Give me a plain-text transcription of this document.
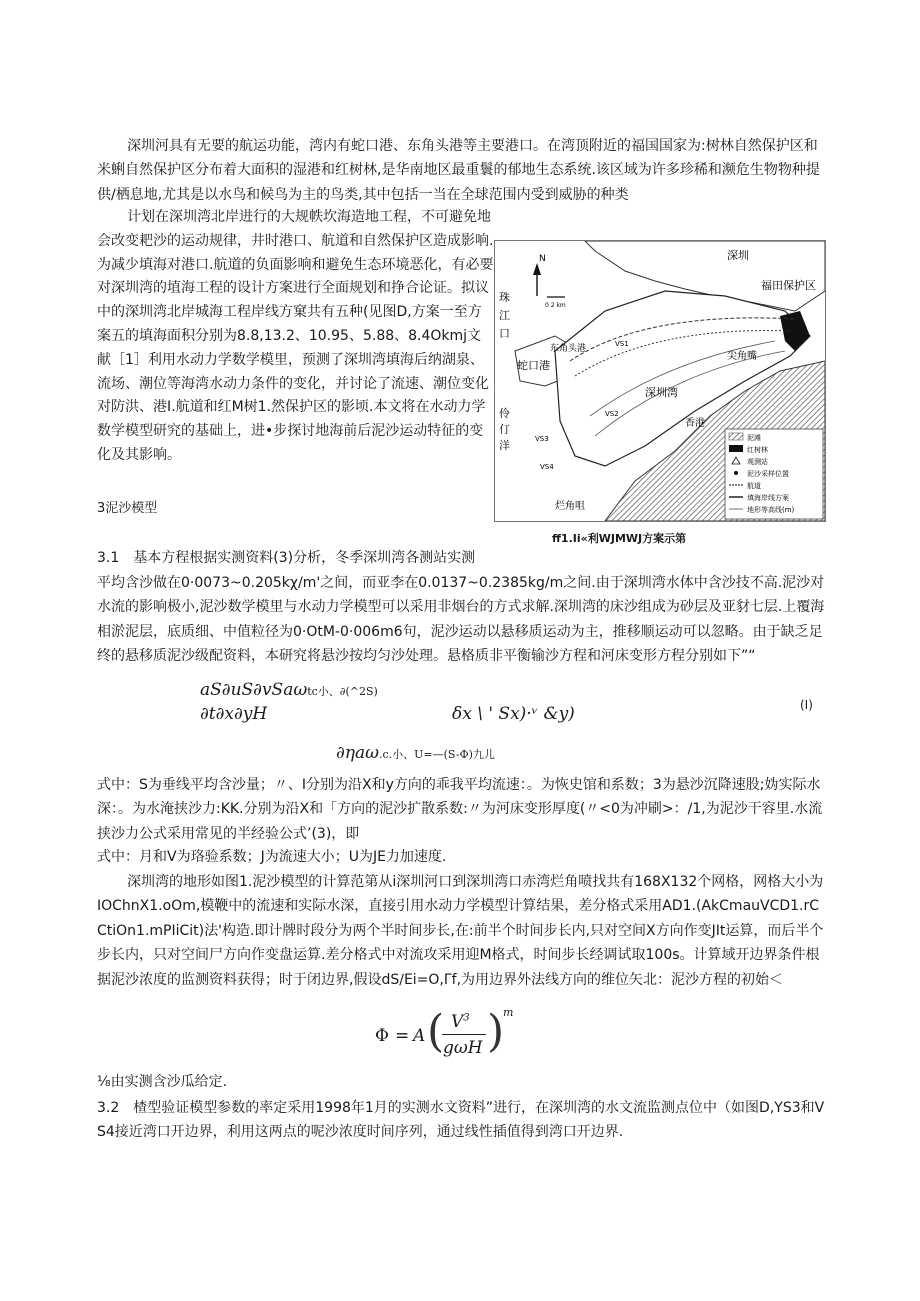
深圳河具有无要的航运功能，湾内有蛇口港、东角头港等主要港口。在湾顶附近的福国国家为:树林自然保护区和米蜊自然保护区分布着大面积的湿港和红树林,是华南地区最重鬟的郁地生态系统.该区域为许多珍稀和濒危生物物种提供/栖息地,尤其是以水鸟和候鸟为主的鸟类,其中包括一当在全球范围内受到威胁的种类

计划在深圳湾北岸进行的大规帙坎海造地工程，不可避免地会改变耙沙的运动规律，井时港口、航道和自然保护区造成影响.为减少填海对港口.航道的负面影响和避免生态环境恶化，有必要对深圳湾的埴海工程的设计方案进行全面规划和挣合论证。拟议中的深圳湾北岸城海工程岸线方窠共有五种(见图D,方案一至方案五的填海面积分别为8.8,13.2、10.95、5.88、8.4Okmj文献［1］利用水动力学数学模里，预测了深圳湾填海后纳湖泉、流场、潮位等海湾水动力条件的变化，并讨论了流速、潮位变化对防洪、港I.航道和红M树1.然保护区的影顷.本文将在水动力学数学模型研究的基础上，进•步探讨地海前后泥沙运动特征的变化及其影响。

N
0 2 km
深圳
福田保护区
珠
江
口
蛇口港
东角头港
深圳湾
尖角嘴
香港
伶
仃
洋
烂角咀
VS1
VS2
VS3
VS4
泥滩
红树林
观测站
泥沙采样位置
航道
填海岸线方案
地形等高线(m)
ff1.Ii«利WJMWJ方案示第
3泥沙模型

3.1　基本方程根据实测资料(3)分析，冬季深圳湾各测站实测

平均含沙做在0·0073~0.205kχ/m'之间，而亚李在0.0137~0.2385kg/m之间.由于深圳湾水体中含沙技不高.泥沙对水流的影响极小,泥沙数学模里与水动力学模型可以采用非烟台的方式求解.深圳湾的床沙组成为砂层及亚豺七层.上覆海相淤泥层，底质细、中值粒径为0·OtM-0·006m6句，泥沙运动以悬移质运动为主，推移顺运动可以忽略。由于缺乏足终的悬移质泥沙级配资料，本研究将悬沙按均匀沙处理。悬格质非平衡输沙方程和河床变形方程分别如下”“

aS∂uS∂vSaωtc小、∂(^2S)
∂t∂x∂yH	δx \ ' Sx)·ᵛ &y)	(I)
∂ηaω.c.小、U=—(S-Φ)九儿

式中：S为垂线平均含沙量；〃、I分别为沿X和y方向的乖我平均流速：。为恢史馆和系数；3为悬沙沉降速股;妫实际水深：。为水淹挟沙力:KK.分别为沿X和「方向的泥沙扩散系数:〃为河床变形厚度(〃<0为冲刷>：/1,为泥沙干容里.水流挟沙力公式采用常见的半经验公式’(3)，即

式中：月和V为珞验系数；J为流速大小；U为JE力加速度.

深圳湾的地形如图1.泥沙模型的计算范第从i深圳河口到深圳湾口赤湾烂角喷找共有168X132个网格，网格大小为IOChnX1.oOm,模鞭中的流速和实际水深，直接引用水动力学模型计算结果，差分格式采用AD1.(AkCmauVCD1.rCCtiOn1.mPIiCit)法'构造.即计牌时段分为两个半时间步长,在:前半个时间步长内,只对空间X方向作变JIt运算，而后半个步长内，只对空间尸方向作变盘运算.差分格式中对流攻采用迎M格式，时间步长经调试取100s。计算域开边界条件根据泥沙浓度的监测资料获得；时于闭边界,假设dS∕Ei=O,Γf,为用边界外法线方向的维位矢北：泥沙方程的初始＜

Φ = A ( $V^3$
gωH )
m

⅛由实测含沙瓜给定.

3.2　楂型验证模型参数的率定采用1998年1月的实测水文资料”进行，在深圳湾的水文流监测点位中（如图D,YS3和VS4接近湾口开边界，利用这两点的呢沙浓度时间序列，通过线性插值得到湾口开边界.
